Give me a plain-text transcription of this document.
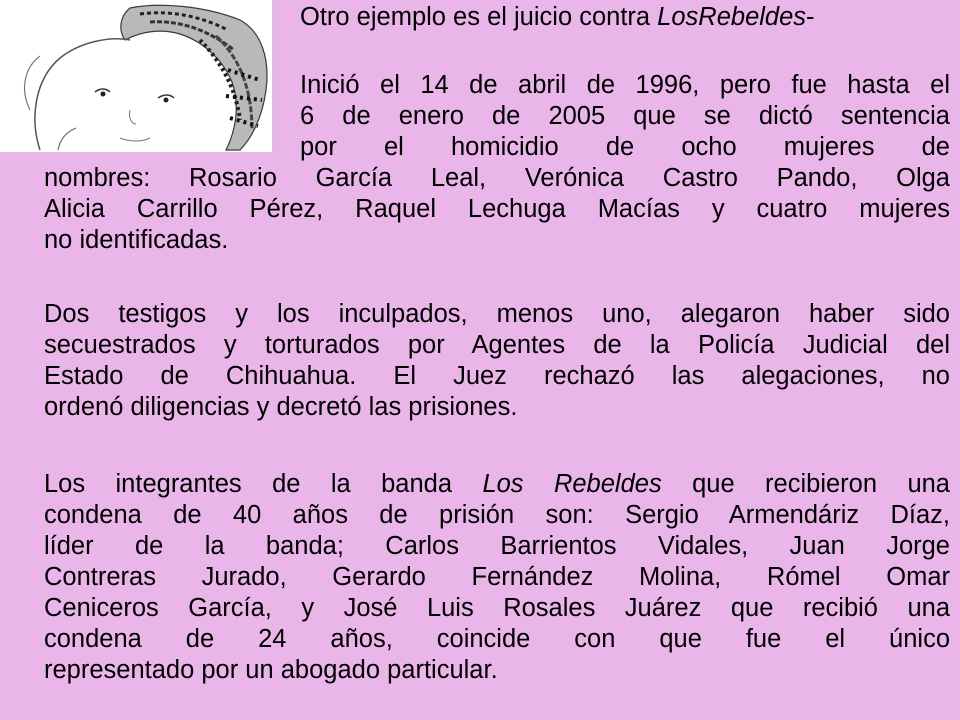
Otro ejemplo es el juicio contra LosRebeldes-

Inició el 14 de abril de 1996, pero fue hasta el
6 de enero de 2005 que se dictó sentencia
por el homicidio de ocho mujeres de
nombres: Rosario García Leal, Verónica Castro Pando, Olga
Alicia Carrillo Pérez, Raquel Lechuga Macías y cuatro mujeres
no identificadas.
Dos testigos y los inculpados, menos uno, alegaron haber sido
secuestrados y torturados por Agentes de la Policía Judicial del
Estado de Chihuahua. El Juez rechazó las alegaciones, no
ordenó diligencias y decretó las prisiones.
Los integrantes de la banda Los Rebeldes que recibieron una
condena de 40 años de prisión son: Sergio Armendáriz Díaz,
líder de la banda; Carlos Barrientos Vidales, Juan Jorge
Contreras Jurado, Gerardo Fernández Molina, Rómel Omar
Ceniceros García, y José Luis Rosales Juárez que recibió una
condena de 24 años, coincide con que fue el único
representado por un abogado particular.
